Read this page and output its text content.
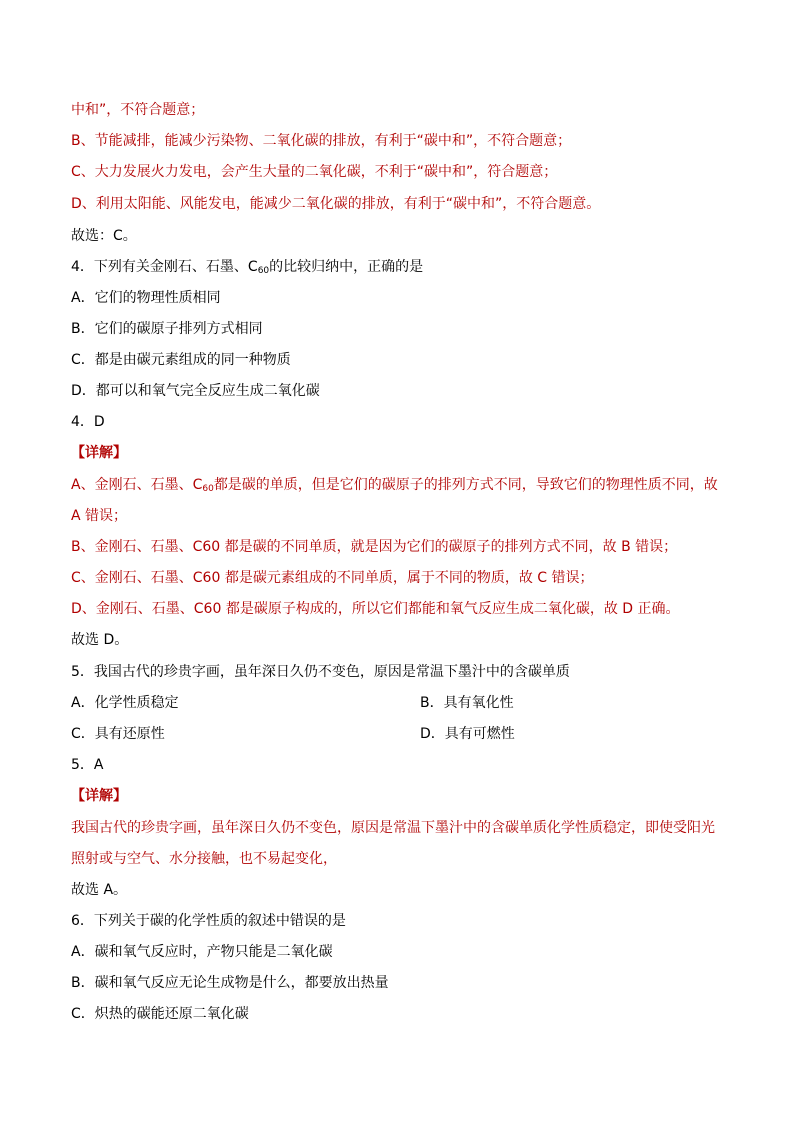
中和”，不符合题意；
B、节能减排，能减少污染物、二氧化碳的排放，有利于“碳中和”，不符合题意；
C、大力发展火力发电，会产生大量的二氧化碳，不利于“碳中和”，符合题意；
D、利用太阳能、风能发电，能减少二氧化碳的排放，有利于“碳中和”，不符合题意。
故选：C。
4．下列有关金刚石、石墨、$C_{60}$的比较归纳中，正确的是
A．它们的物理性质相同
B．它们的碳原子排列方式相同
C．都是由碳元素组成的同一种物质
D．都可以和氧气完全反应生成二氧化碳
4．D
【详解】
A、金刚石、石墨、$C_{60}$都是碳的单质，但是它们的碳原子的排列方式不同，导致它们的物理性质不同，故
A 错误；
B、金刚石、石墨、C60 都是碳的不同单质，就是因为它们的碳原子的排列方式不同，故 B 错误；
C、金刚石、石墨、C60 都是碳元素组成的不同单质，属于不同的物质，故 C 错误；
D、金刚石、石墨、C60 都是碳原子构成的，所以它们都能和氧气反应生成二氧化碳，故 D 正确。
故选 D。
5．我国古代的珍贵字画，虽年深日久仍不变色，原因是常温下墨汁中的含碳单质
A．化学性质稳定	B．具有氧化性
C．具有还原性	D．具有可燃性
5．A
【详解】
我国古代的珍贵字画，虽年深日久仍不变色，原因是常温下墨汁中的含碳单质化学性质稳定，即使受阳光
照射或与空气、水分接触，也不易起变化，
故选 A。
6．下列关于碳的化学性质的叙述中错误的是
A．碳和氧气反应时，产物只能是二氧化碳
B．碳和氧气反应无论生成物是什么，都要放出热量
C．炽热的碳能还原二氧化碳
